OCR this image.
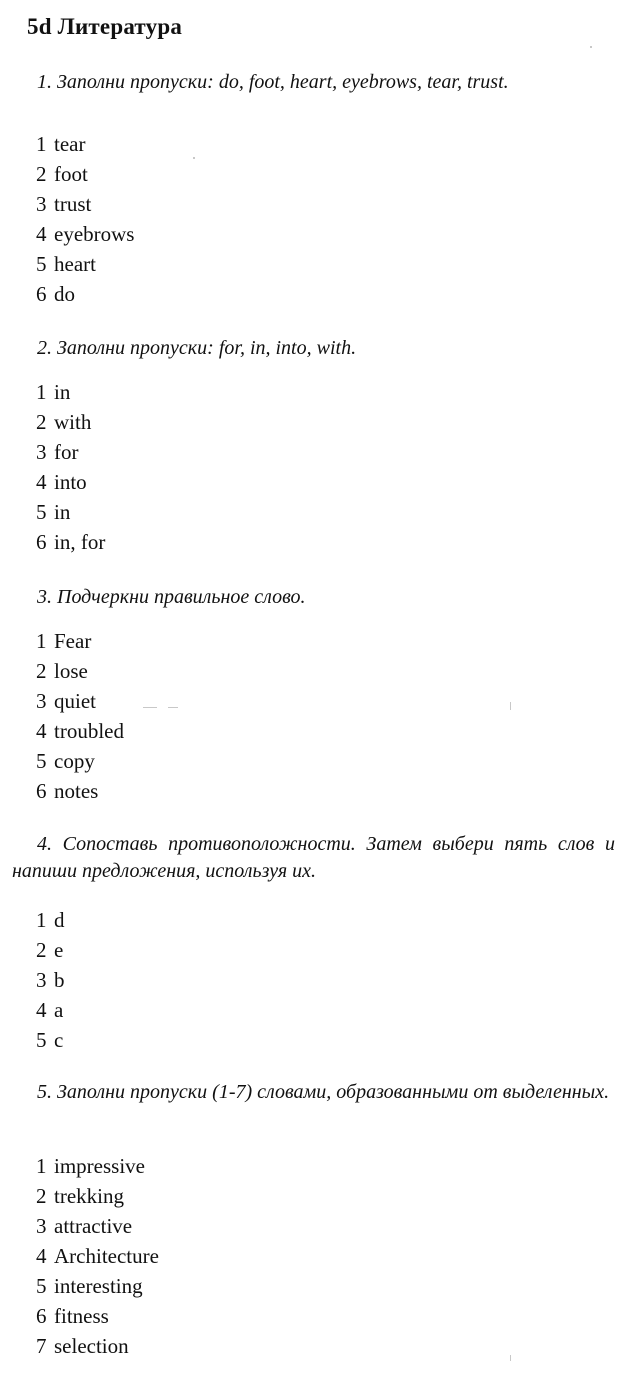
5d Литература
1. Заполни пропуски: do, foot, heart, eyebrows, tear, trust.
1 tear
2 foot
3 trust
4 eyebrows
5 heart
6 do
2. Заполни пропуски: for, in, into, with.
1 in
2 with
3 for
4 into
5 in
6 in, for
3. Подчеркни правильное слово.
1 Fear
2 lose
3 quiet
4 troubled
5 copy
6 notes
4. Сопоставь противоположности. Затем выбери пять слов и напиши предложения, используя их.
1 d
2 e
3 b
4 a
5 c
5. Заполни пропуски (1-7) словами, образованными от выделенных.
1 impressive
2 trekking
3 attractive
4 Architecture
5 interesting
6 fitness
7 selection
